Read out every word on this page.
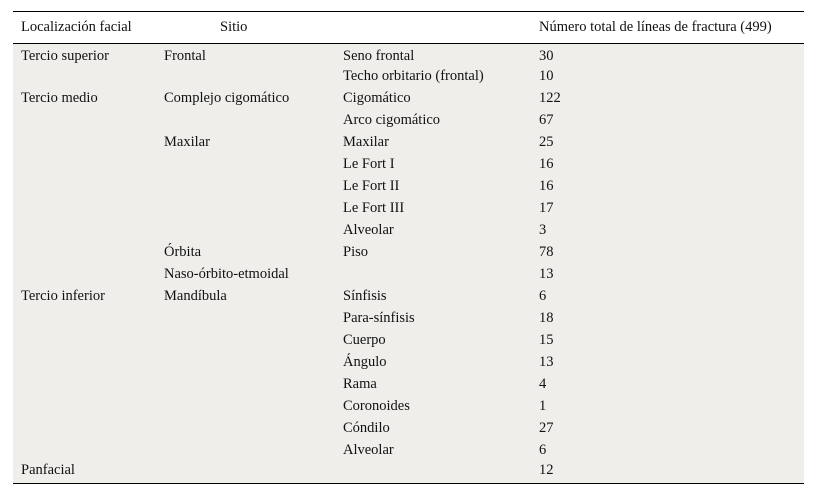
Localización facial	Sitio		Número total de líneas de fractura (499)
Tercio superior	Frontal	Seno frontal	30
		Techo orbitario (frontal)	10
Tercio medio	Complejo cigomático	Cigomático	122
		Arco cigomático	67
	Maxilar	Maxilar	25
		Le Fort I	16
		Le Fort II	16
		Le Fort III	17
		Alveolar	3
	Órbita	Piso	78
	Naso-órbito-etmoidal		13
Tercio inferior	Mandíbula	Sínfisis	6
		Para-sínfisis	18
		Cuerpo	15
		Ángulo	13
		Rama	4
		Coronoides	1
		Cóndilo	27
		Alveolar	6
Panfacial			12
